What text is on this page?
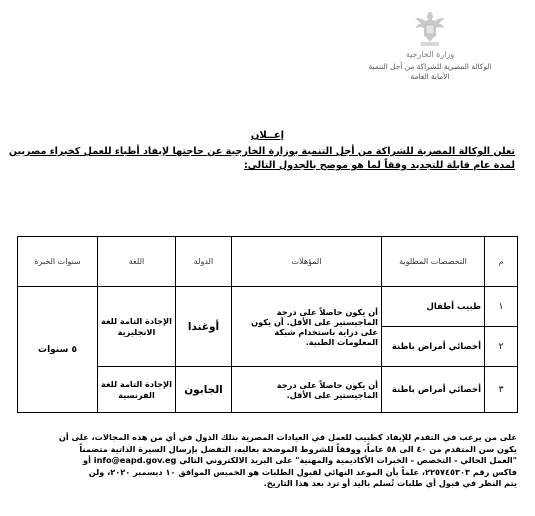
وزارة الخارجية
الوكالة المصرية للشراكة من أجل التنمية
الأمانة العامة
إعــلان
تعلن الوكالة المصرية للشراكة من أجل التنمية بوزارة الخارجية عن حاجتها لإيفاد أطباء للعمل كخبراء مصريين
لمدة عام قابلة للتجديد وفقاً لما هو موضح بالجدول التالي:
م	التخصصات المطلوبة	المؤهلات	الدولة	اللغة	سنوات الخبرة
١	طبيب أطفال	أن يكون حاصلاً على درجة الماجيستير على الأقل. أن يكون على دراية باستخدام شبكة المعلومات الطبية.	أوغندا	الإجادة التامة للغة الانجليزية	٥ سنوات
٢	أخصائي أمراض باطنة				
٣	أخصائي أمراض باطنة	أن يكون حاصلاً على درجة الماجيستير على الأقل.	الجابون	الإجادة التامة للغة الفرنسية	
على من يرغب في التقدم للإيفاد كطبيب للعمل في العيادات المصرية بتلك الدول في أي من هذه المجالات، على أن
يكون سن المتقدم من ٤٠ الى ٥٨ عاماً، ووفقاً للشروط الموضحة بعاليه، التفضل بإرسال السيرة الذاتية متضمناً
"العمل الحالي - التخصص - الخبرات الأكاديمية والمهنية" على البريد الالكتروني التالي info@eapd.gov.eg أو
فاكس رقم ٢٢٥٧٤٥٣٠٣، علماً بأن الموعد النهائي لقبول الطلبات هو الخميس الموافق ١٠ ديسمبر ٢٠٢٠، ولن
يتم النظر في قبول أي طلبات تُسلم باليد أو ترد بعد هذا التاريخ.
